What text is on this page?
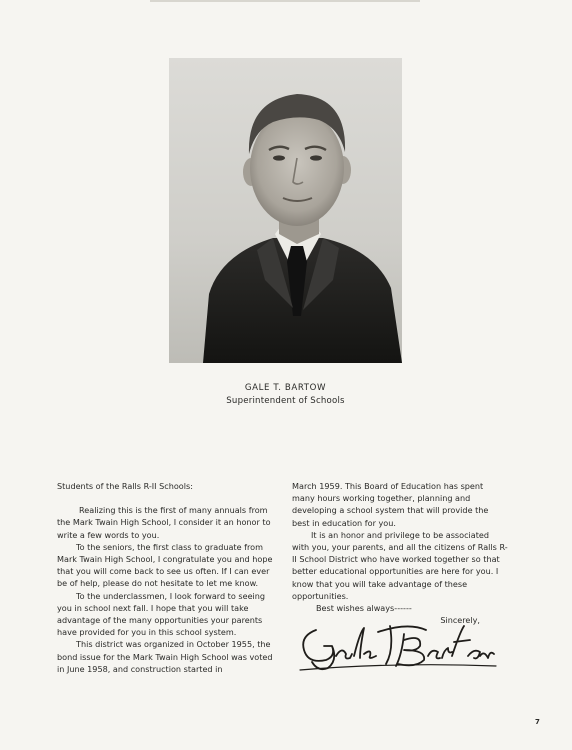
GALE T. BARTOW
Superintendent of Schools

Students of the Ralls R-II Schools:

Realizing this is the first of many annuals from the Mark Twain High School, I consider it an honor to write a few words to you.

To the seniors, the first class to graduate from Mark Twain High School, I congratulate you and hope that you will come back to see us often. If I can ever be of help, please do not hesitate to let me know.

To the underclassmen, I look forward to seeing you in school next fall. I hope that you will take advantage of the many opportunities your parents have provided for you in this school system.

This district was organized in October 1955, the bond issue for the Mark Twain High School was voted in June 1958, and construction started in

March 1959. This Board of Education has spent many hours working together, planning and developing a school system that will provide the best in education for you.

It is an honor and privilege to be associated with you, your parents, and all the citizens of Ralls R-II School District who have worked together so that better educational opportunities are here for you. I know that you will take advantage of these opportunities.

Best wishes always------

Sincerely,

7
